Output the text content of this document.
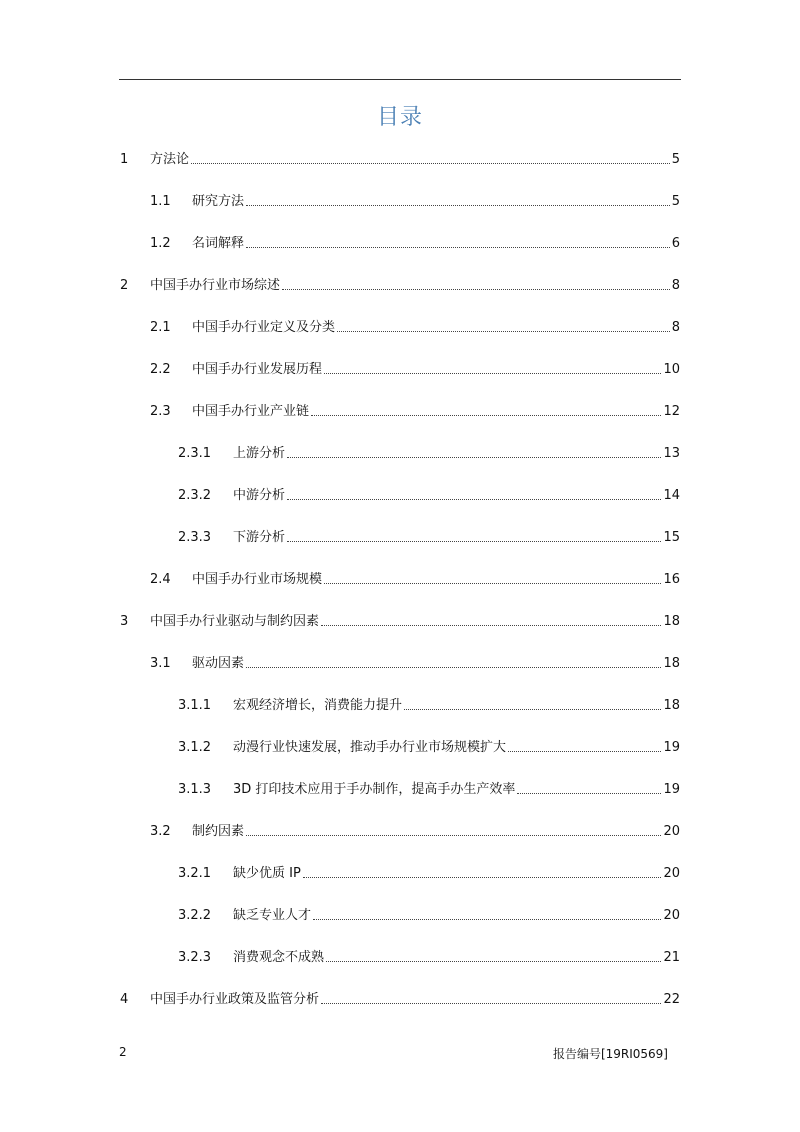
目录
1	方法论	5
1.1	研究方法	5
1.2	名词解释	6
2	中国手办行业市场综述	8
2.1	中国手办行业定义及分类	8
2.2	中国手办行业发展历程	10
2.3	中国手办行业产业链	12
2.3.1	上游分析	13
2.3.2	中游分析	14
2.3.3	下游分析	15
2.4	中国手办行业市场规模	16
3	中国手办行业驱动与制约因素	18
3.1	驱动因素	18
3.1.1	宏观经济增长，消费能力提升	18
3.1.2	动漫行业快速发展，推动手办行业市场规模扩大	19
3.1.3	3D 打印技术应用于手办制作，提高手办生产效率	19
3.2	制约因素	20
3.2.1	缺少优质 IP	20
3.2.2	缺乏专业人才	20
3.2.3	消费观念不成熟	21
4	中国手办行业政策及监管分析	22
2	报告编号[19RI0569]
